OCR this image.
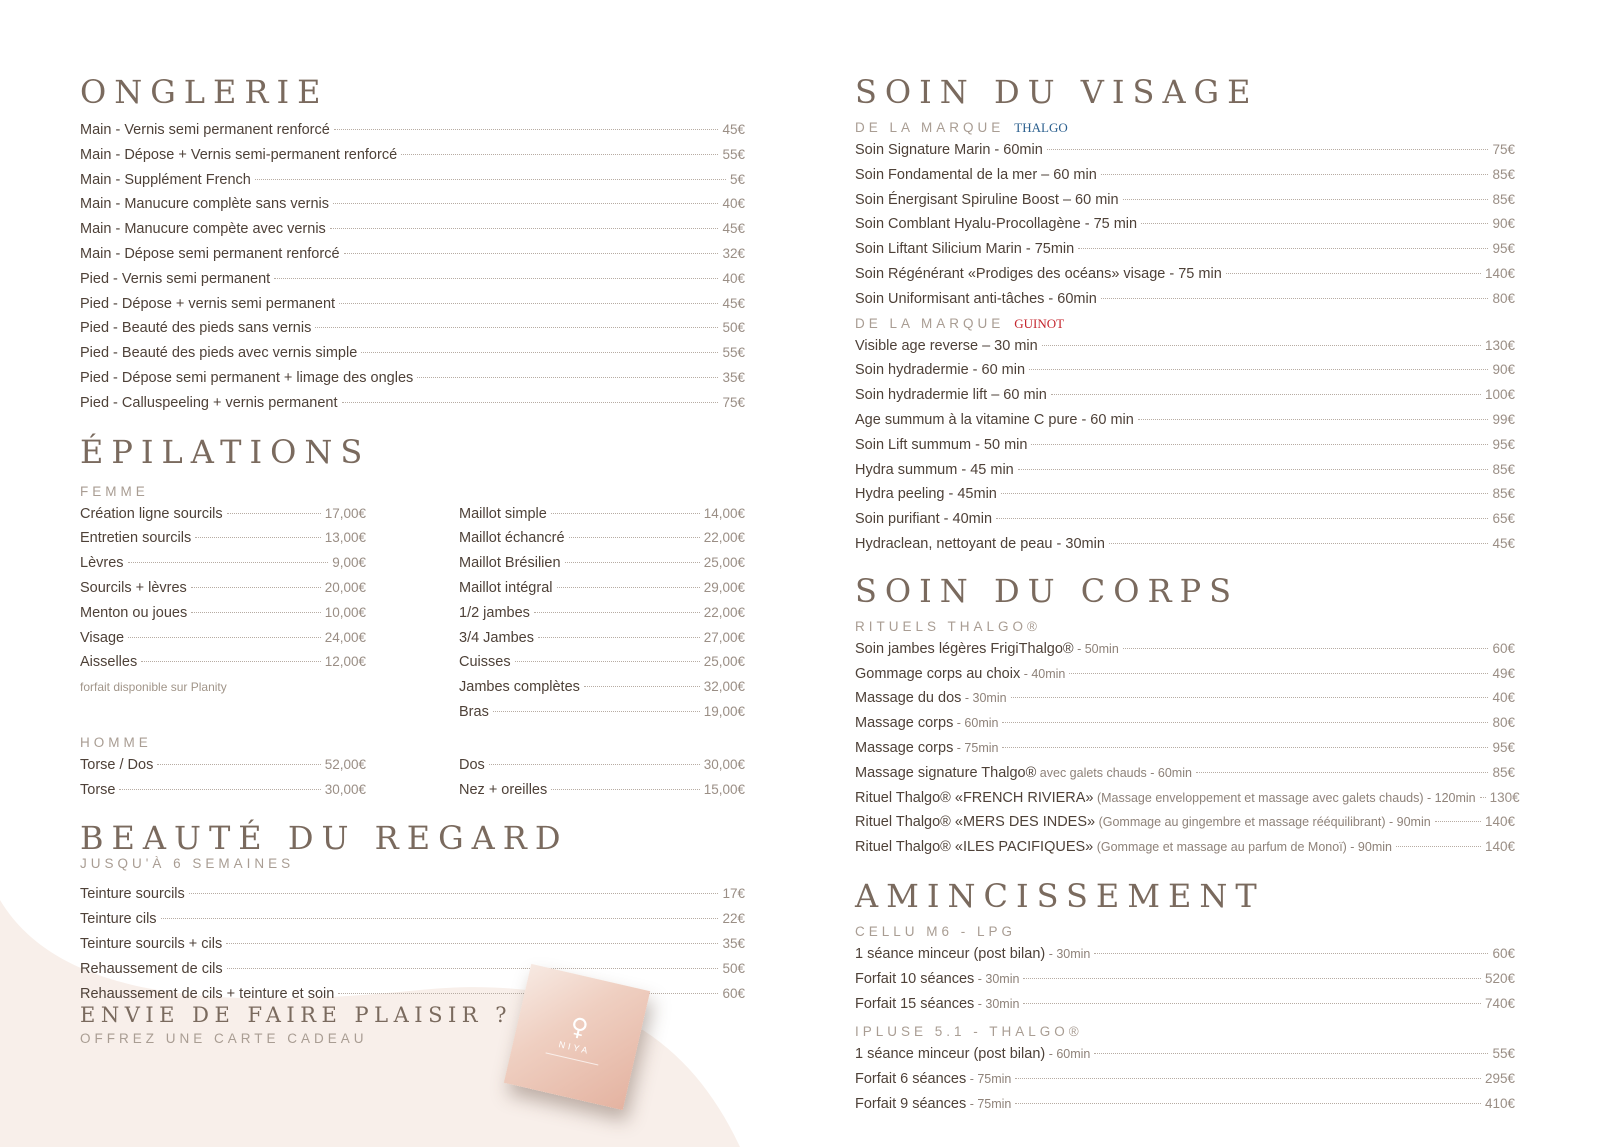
ONGLERIE
Main - Vernis semi permanent renforcé	45€
Main - Dépose + Vernis semi-permanent renforcé	55€
Main - Supplément French	5€
Main - Manucure complète sans vernis	40€
Main - Manucure compète avec vernis	45€
Main - Dépose semi permanent renforcé	32€
Pied - Vernis semi permanent	40€
Pied - Dépose + vernis semi permanent	45€
Pied - Beauté des pieds sans vernis	50€
Pied - Beauté des pieds avec vernis simple	55€
Pied - Dépose semi permanent + limage des ongles	35€
Pied - Calluspeeling + vernis permanent	75€
ÉPILATIONS
FEMME
Création ligne sourcils	17,00€
Entretien sourcils	13,00€
Lèvres	9,00€
Sourcils + lèvres	20,00€
Menton ou joues	10,00€
Visage	24,00€
Aisselles	12,00€
forfait disponible sur Planity
Maillot simple	14,00€
Maillot échancré	22,00€
Maillot Brésilien	25,00€
Maillot intégral	29,00€
1/2 jambes	22,00€
3/4 Jambes	27,00€
Cuisses	25,00€
Jambes complètes	32,00€
Bras	19,00€
HOMME
Torse / Dos	52,00€
Torse	30,00€
Dos	30,00€
Nez + oreilles	15,00€
BEAUTÉ DU REGARD
JUSQU'À 6 SEMAINES
Teinture sourcils	17€
Teinture cils	22€
Teinture sourcils + cils	35€
Rehaussement de cils	50€
Rehaussement de cils + teinture et soin	60€
ENVIE DE FAIRE PLAISIR ?
OFFREZ UNE CARTE CADEAU	♀
NIYA
SOIN DU VISAGE
DE LA MARQUE THALGO
Soin Signature Marin - 60min	75€
Soin Fondamental de la mer – 60 min	85€
Soin Énergisant Spiruline Boost – 60 min	85€
Soin Comblant Hyalu-Procollagène - 75 min	90€
Soin Liftant Silicium Marin - 75min	95€
Soin Régénérant «Prodiges des océans» visage - 75 min	140€
Soin Uniformisant anti-tâches - 60min	80€
DE LA MARQUE GUINOT
Visible age reverse – 30 min	130€
Soin hydradermie - 60 min	90€
Soin hydradermie lift – 60 min	100€
Age summum à la vitamine C pure - 60 min	99€
Soin Lift summum - 50 min	95€
Hydra summum - 45 min	85€
Hydra peeling - 45min	85€
Soin purifiant - 40min	65€
Hydraclean, nettoyant de peau - 30min	45€
SOIN DU CORPS
RITUELS THALGO®
Soin jambes légères FrigiThalgo® - 50min	60€
Gommage corps au choix - 40min	49€
Massage du dos - 30min	40€
Massage corps - 60min	80€
Massage corps - 75min	95€
Massage signature Thalgo® avec galets chauds - 60min	85€
Rituel Thalgo® «FRENCH RIVIERA» (Massage enveloppement et massage avec galets chauds) - 120min 130€
Rituel Thalgo® «MERS DES INDES» (Gommage au gingembre et massage rééquilibrant) - 90min	140€
Rituel Thalgo® «ILES PACIFIQUES» (Gommage et massage au parfum de Monoï) - 90min	140€
AMINCISSEMENT
CELLU M6 - LPG
1 séance minceur (post bilan) - 30min	60€
Forfait 10 séances - 30min	520€
Forfait 15 séances - 30min	740€
IPLUSE 5.1 - THALGO®
1 séance minceur (post bilan) - 60min	55€
Forfait 6 séances - 75min	295€
Forfait 9 séances - 75min	410€
